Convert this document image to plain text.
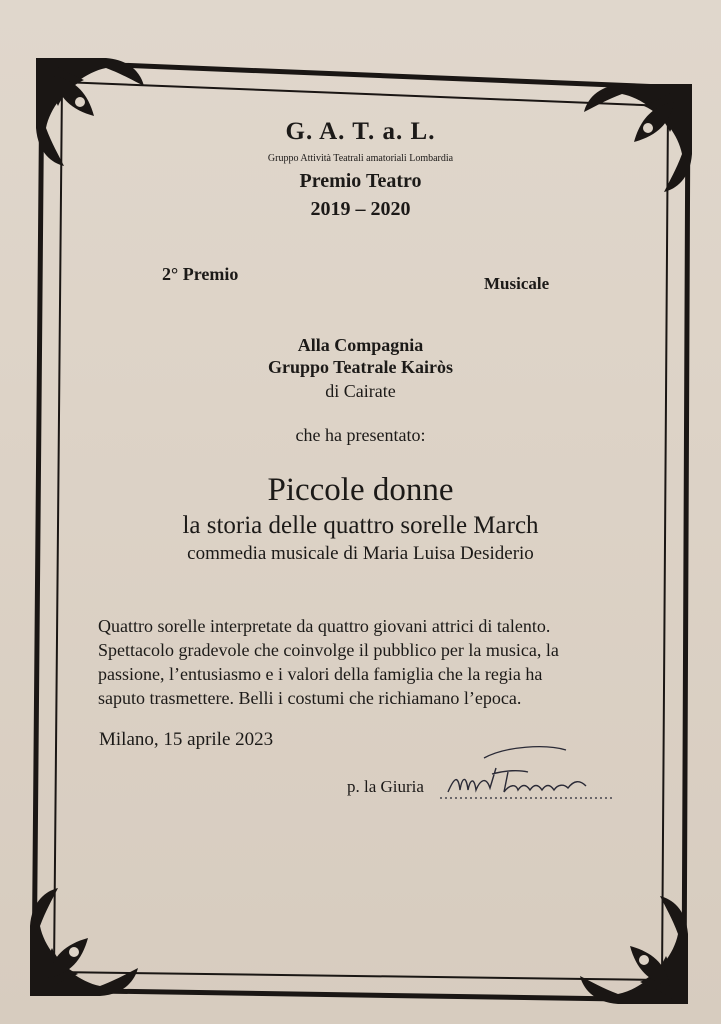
G. A. T. a. L.
Gruppo Attività Teatrali amatoriali Lombardia
Premio Teatro
2019 – 2020
2° Premio	Musicale
Alla Compagnia
Gruppo Teatrale Kairòs
di Cairate
che ha presentato:
Piccole donne
la storia delle quattro sorelle March
commedia musicale di Maria Luisa Desiderio
Quattro sorelle interpretate da quattro giovani attrici di talento.
Spettacolo gradevole che coinvolge il pubblico per la musica, la
passione, l’entusiasmo e i valori della famiglia che la regia ha
saputo trasmettere. Belli i costumi che richiamano l’epoca.
Milano, 15 aprile 2023
p. la Giuria
